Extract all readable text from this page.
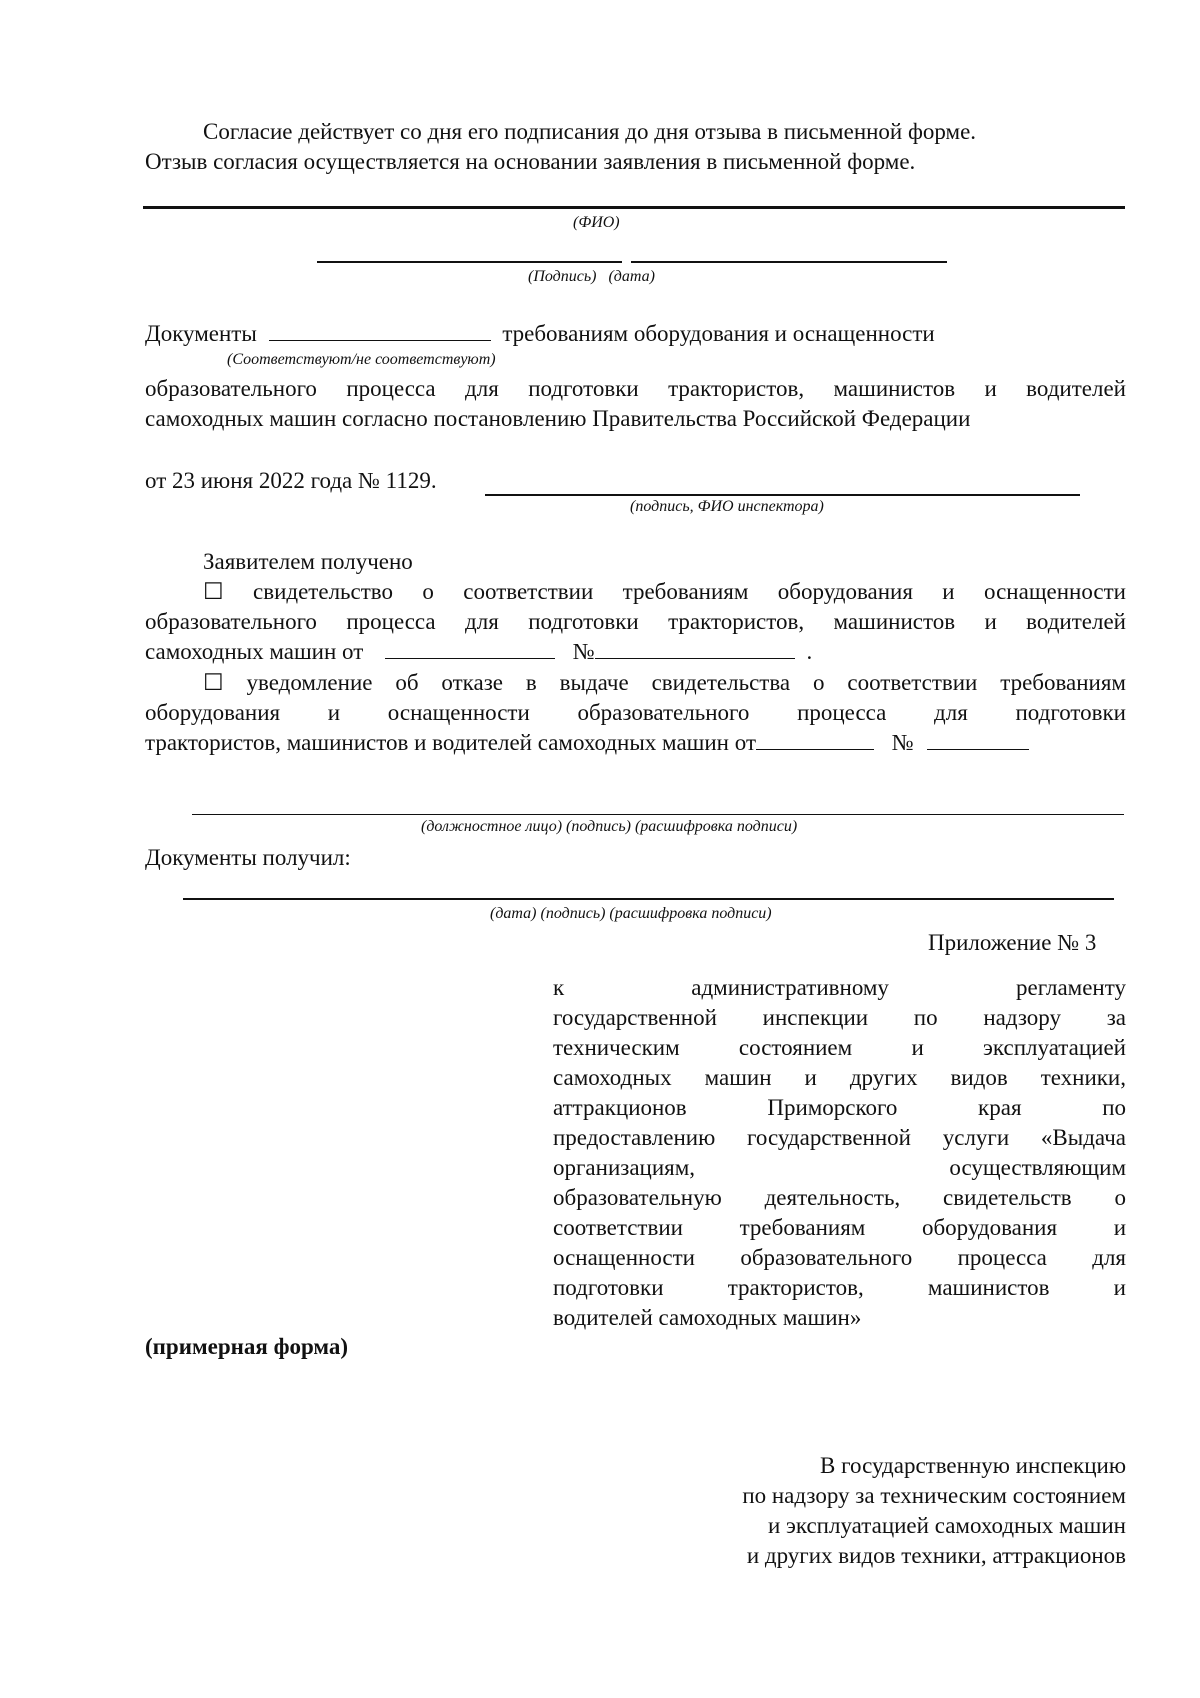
Согласие действует со дня его подписания до дня отзыва в письменной форме.
Отзыв согласия осуществляется на основании заявления в письменной форме.
(ФИО)
(Подпись)   (дата)
Документы	требованиям оборудования и оснащенности
(Соответствуют/не соответствуют)
образовательного процесса для подготовки трактористов, машинистов и водителей
самоходных машин согласно постановлению Правительства Российской Федерации
от 23 июня 2022 года № 1129.
(подпись, ФИО инспектора)
Заявителем получено
☐ свидетельство о соответствии требованиям оборудования и оснащенности
образовательного процесса для подготовки трактористов, машинистов и водителей
самоходных машин от	№	.
☐ уведомление об отказе в выдаче свидетельства о соответствии требованиям
оборудования и оснащенности образовательного процесса для подготовки
трактористов, машинистов и водителей самоходных машин от	№
(должностное лицо) (подпись) (расшифровка подписи)
Документы получил:
(дата) (подпись) (расшифровка подписи)
Приложение № 3
к административному регламенту
государственной инспекции по надзору за
техническим состоянием и эксплуатацией
самоходных машин и других видов техники,
аттракционов Приморского края по
предоставлению государственной услуги «Выдача
организациям, осуществляющим
образовательную деятельность, свидетельств о
соответствии требованиям оборудования и
оснащенности образовательного процесса для
подготовки трактористов, машинистов и
водителей самоходных машин»
(примерная форма)
В государственную инспекцию
по надзору за техническим состоянием
и эксплуатацией самоходных машин
и других видов техники, аттракционов
